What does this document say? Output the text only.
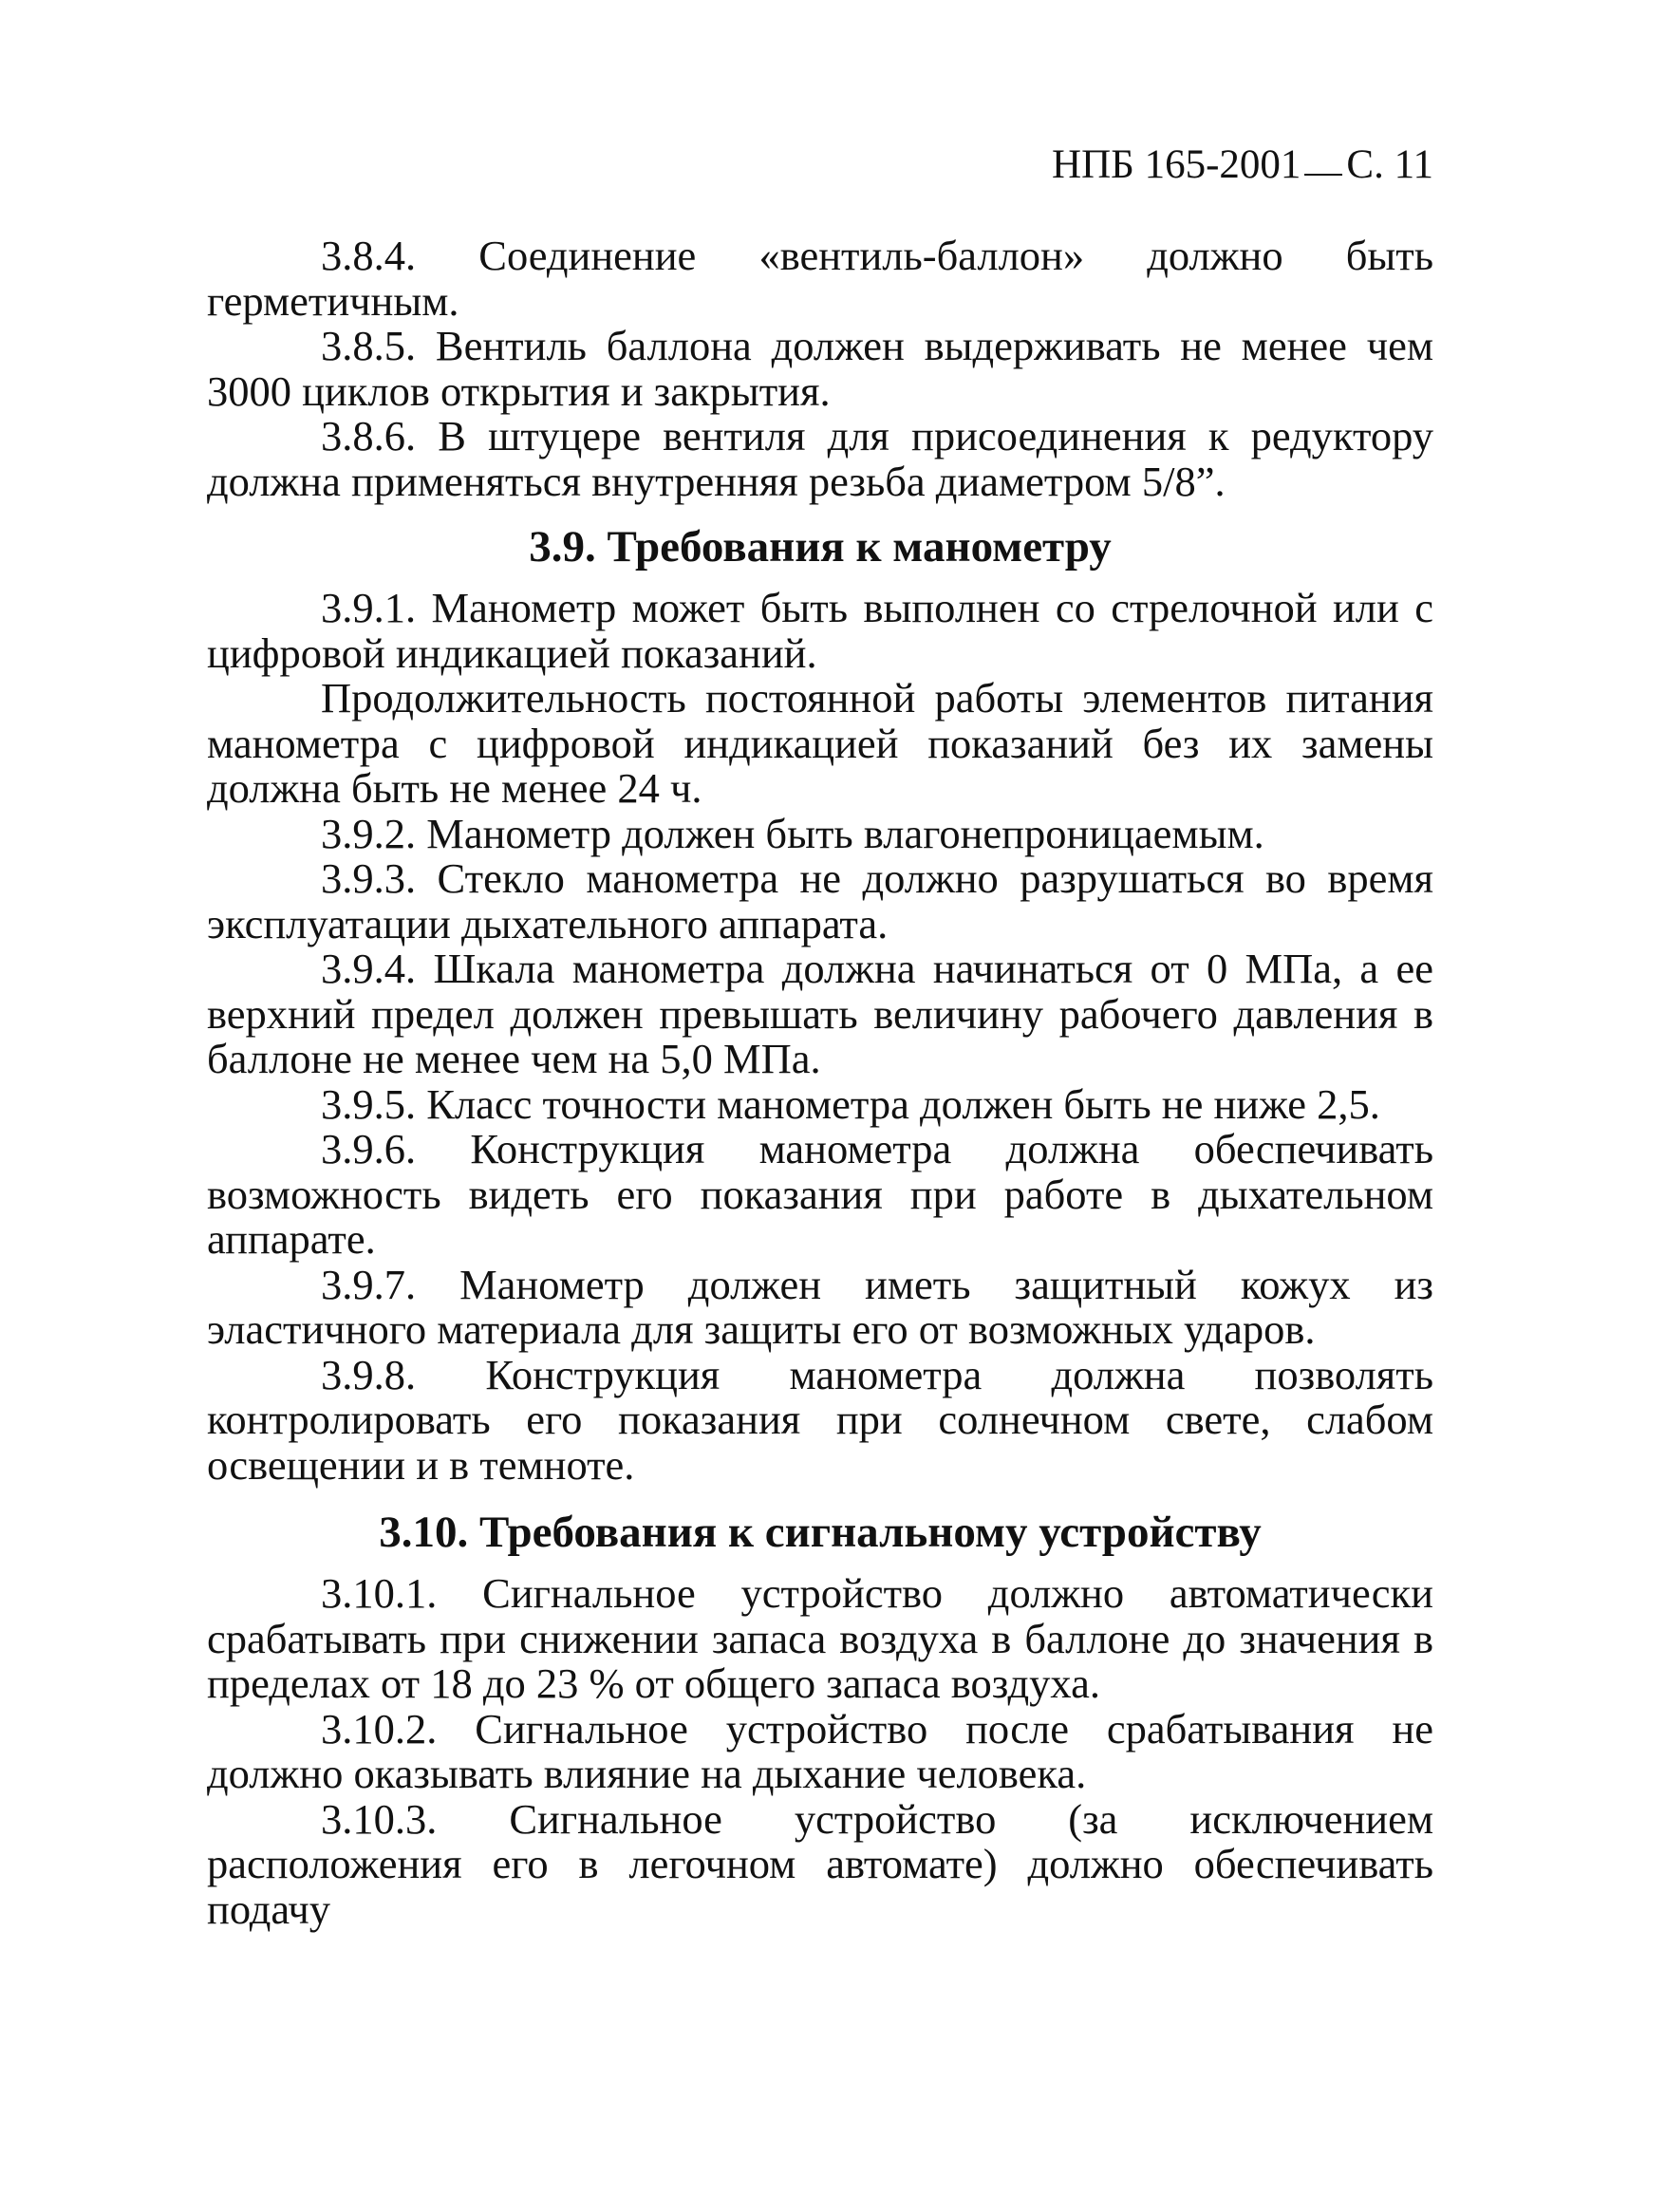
НПБ 165-2001 С. 11

3.8.4. Соединение «вентиль-баллон» должно быть герметичным.

3.8.5. Вентиль баллона должен выдерживать не менее чем 3000 циклов открытия и закрытия.

3.8.6. В штуцере вентиля для присоединения к редуктору должна применяться внутренняя резьба диаметром 5/8”.

3.9. Требования к манометру

3.9.1. Манометр может быть выполнен со стрелочной или с цифровой индикацией показаний.

Продолжительность постоянной работы элементов питания манометра с цифровой индикацией показаний без их замены должна быть не менее 24 ч.

3.9.2. Манометр должен быть влагонепроницаемым.

3.9.3. Стекло манометра не должно разрушаться во время эксплуатации дыхательного аппарата.

3.9.4. Шкала манометра должна начинаться от 0 МПа, а ее верхний предел должен превышать величину рабочего давления в баллоне не менее чем на 5,0 МПа.

3.9.5. Класс точности манометра должен быть не ниже 2,5.

3.9.6. Конструкция манометра должна обеспечивать возможность видеть его показания при работе в дыхательном аппарате.

3.9.7. Манометр должен иметь защитный кожух из эластичного материала для защиты его от возможных ударов.

3.9.8. Конструкция манометра должна позволять контролировать его показания при солнечном свете, слабом освещении и в темноте.

3.10. Требования к сигнальному устройству

3.10.1. Сигнальное устройство должно автоматически срабатывать при снижении запаса воздуха в баллоне до значения в пределах от 18 до 23 % от общего запаса воздуха.

3.10.2. Сигнальное устройство после срабатывания не должно оказывать влияние на дыхание человека.

3.10.3. Сигнальное устройство (за исключением расположения его в легочном автомате) должно обеспечивать подачу
